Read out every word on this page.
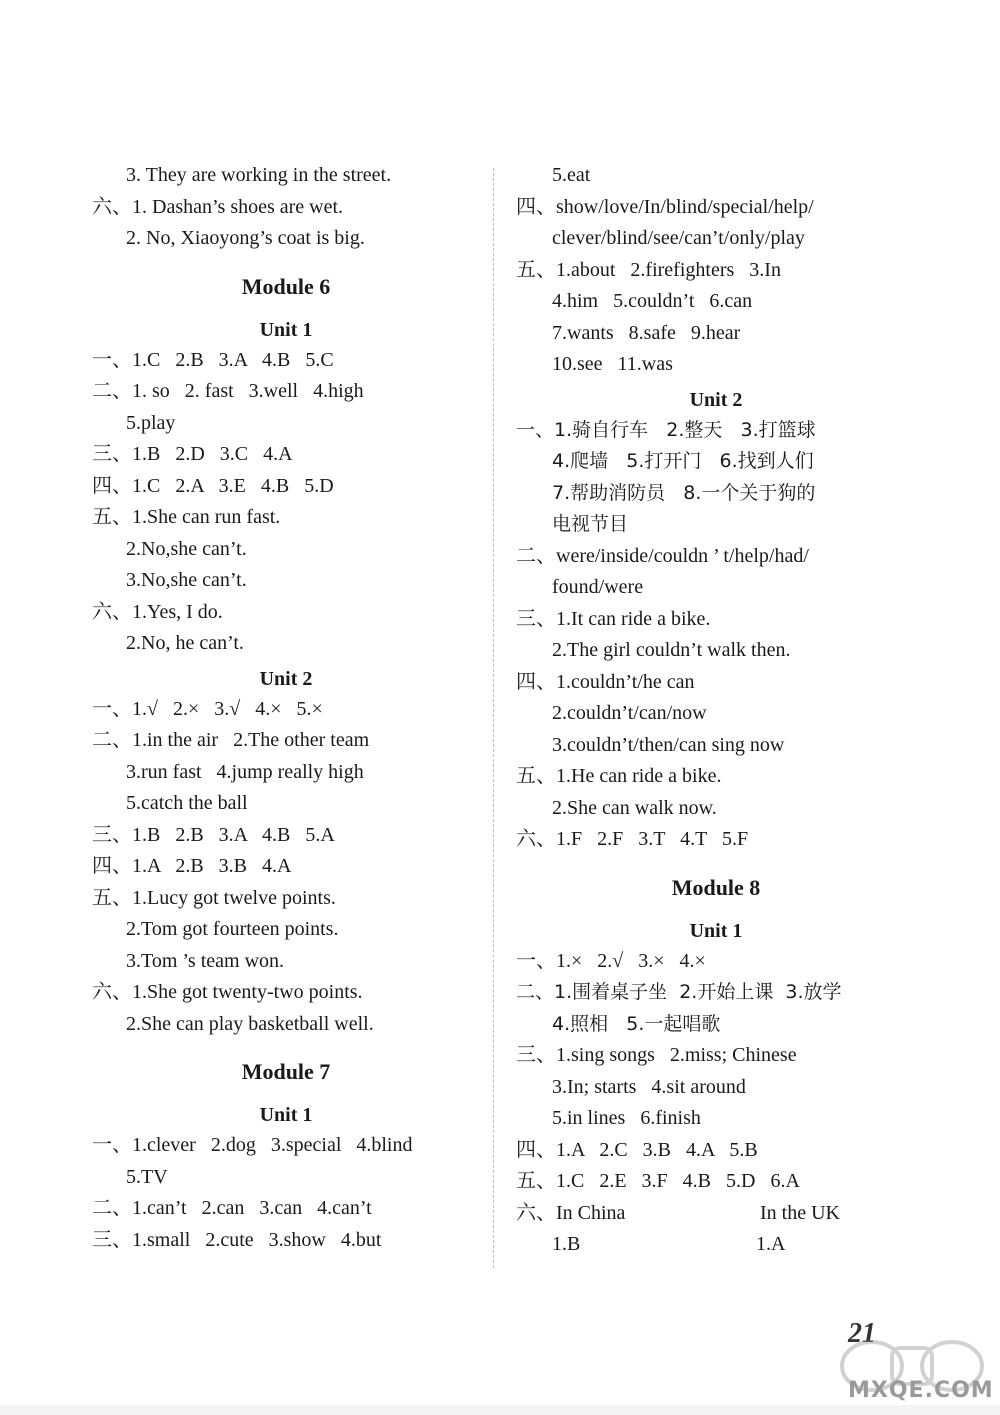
3. They are working in the street.
六、1. Dashan’s shoes are wet.
2. No, Xiaoyong’s coat is big.
Module 6
Unit 1
一、1.C   2.B   3.A   4.B   5.C
二、1. so   2. fast   3.well   4.high
5.play
三、1.B   2.D   3.C   4.A
四、1.C   2.A   3.E   4.B   5.D
五、1.She can run fast.
2.No,she can’t.
3.No,she can’t.
六、1.Yes, I do.
2.No, he can’t.
Unit 2
一、1.√   2.×   3.√   4.×   5.×
二、1.in the air   2.The other team
3.run fast   4.jump really high
5.catch the ball
三、1.B   2.B   3.A   4.B   5.A
四、1.A   2.B   3.B   4.A
五、1.Lucy got twelve points.
2.Tom got fourteen points.
3.Tom ’s team won.
六、1.She got twenty-two points.
2.She can play basketball well.
Module 7
Unit 1
一、1.clever   2.dog   3.special   4.blind
5.TV
二、1.can’t   2.can   3.can   4.can’t
三、1.small   2.cute   3.show   4.but
5.eat
四、show/love/In/blind/special/help/
clever/blind/see/can’t/only/play
五、1.about   2.firefighters   3.In
4.him   5.couldn’t   6.can
7.wants   8.safe   9.hear
10.see   11.was
Unit 2
一、1.骑自行车   2.整天   3.打篮球
4.爬墙   5.打开门   6.找到人们
7.帮助消防员   8.一个关于狗的
电视节目
二、were/inside/couldn ’ t/help/had/
found/were
三、1.It can ride a bike.
2.The girl couldn’t walk then.
四、1.couldn’t/he can
2.couldn’t/can/now
3.couldn’t/then/can sing now
五、1.He can ride a bike.
2.She can walk now.
六、1.F   2.F   3.T   4.T   5.F
Module 8
Unit 1
一、1.×   2.√   3.×   4.×
二、1.围着桌子坐  2.开始上课  3.放学
4.照相   5.一起唱歌
三、1.sing songs   2.miss; Chinese
3.In; starts   4.sit around
5.in lines   6.finish
四、1.A   2.C   3.B   4.A   5.B
五、1.C   2.E   3.F   4.B   5.D   6.A
六、 In China	In the UK
1.B	1.A
21
MXQE.COM
